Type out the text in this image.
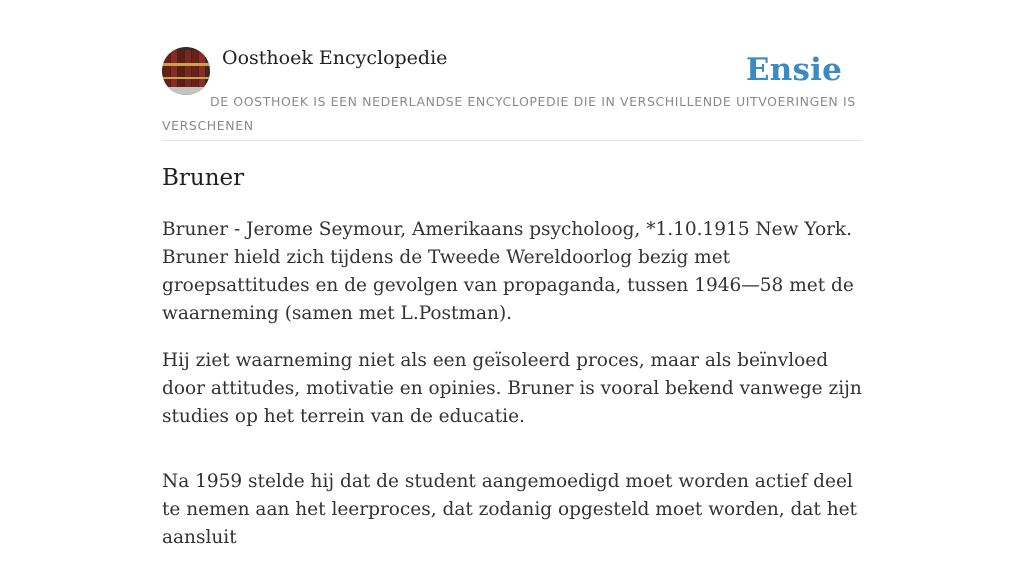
Oosthoek Encyclopedie	Ensie
DE OOSTHOEK IS EEN NEDERLANDSE ENCYCLOPEDIE DIE IN VERSCHILLENDE UITVOERINGEN IS VERSCHENEN
Bruner

Bruner - Jerome Seymour, Amerikaans psycholoog, *1.10.1915 New York. Bruner hield zich tijdens de Tweede Wereldoorlog bezig met groepsattitudes en de gevolgen van propaganda, tussen 1946—58 met de waarneming (samen met L.Postman).

Hij ziet waarneming niet als een geïsoleerd proces, maar als beïnvloed door attitudes, motivatie en opinies. Bruner is vooral bekend vanwege zijn studies op het terrein van de educatie.

Na 1959 stelde hij dat de student aangemoedigd moet worden actief deel te nemen aan het leerproces, dat zodanig opgesteld moet worden, dat het aansluit
